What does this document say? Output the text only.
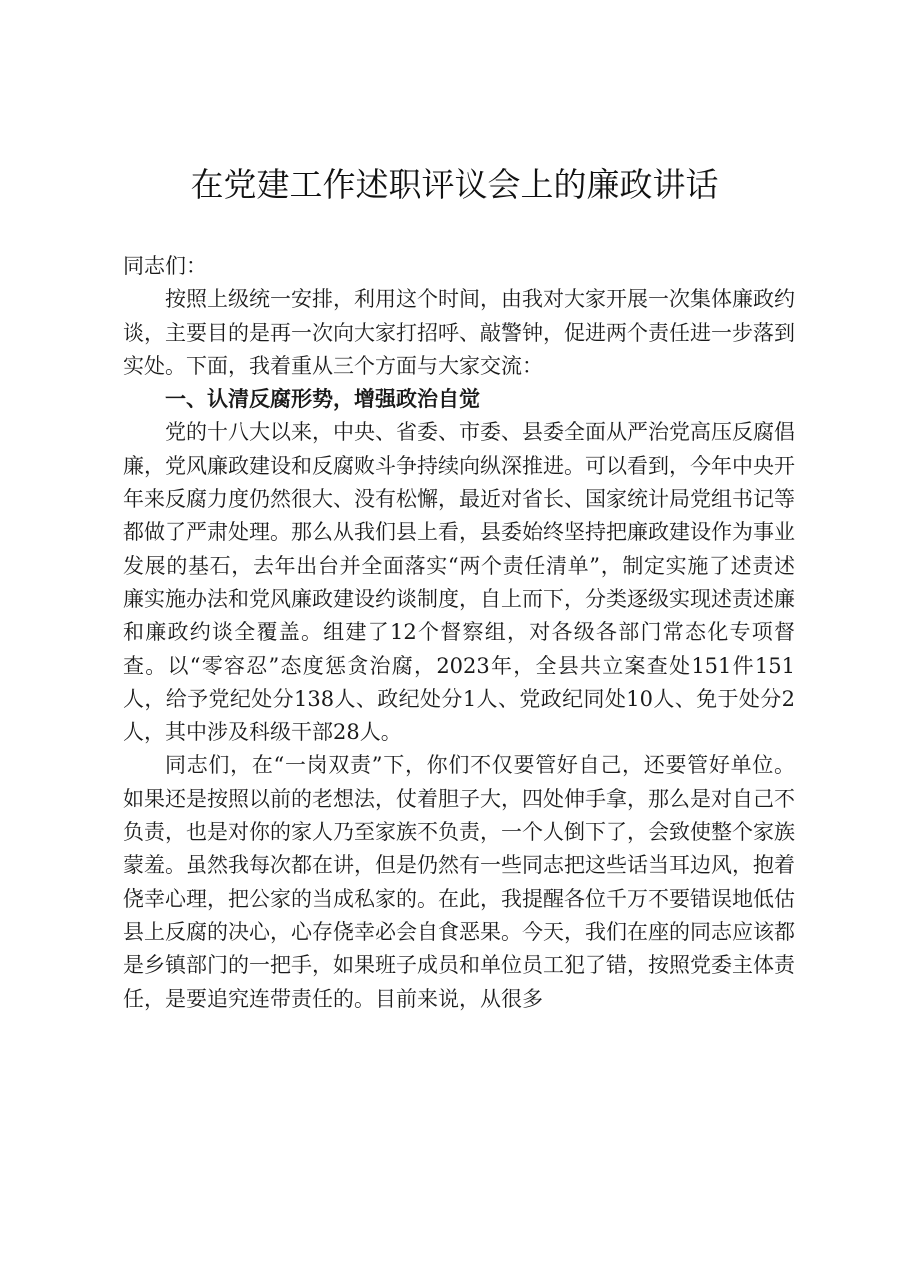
在党建工作述职评议会上的廉政讲话

同志们：

按照上级统一安排，利用这个时间，由我对大家开展一次集体廉政约谈，主要目的是再一次向大家打招呼、敲警钟，促进两个责任进一步落到实处。下面，我着重从三个方面与大家交流：

一、认清反腐形势，增强政治自觉

党的十八大以来，中央、省委、市委、县委全面从严治党高压反腐倡廉，党风廉政建设和反腐败斗争持续向纵深推进。可以看到，今年中央开年来反腐力度仍然很大、没有松懈，最近对省长、国家统计局党组书记等都做了严肃处理。那么从我们县上看，县委始终坚持把廉政建设作为事业发展的基石，去年出台并全面落实“两个责任清单”，制定实施了述责述廉实施办法和党风廉政建设约谈制度，自上而下，分类逐级实现述责述廉和廉政约谈全覆盖。组建了12个督察组，对各级各部门常态化专项督查。以“零容忍”态度惩贪治腐，2023年，全县共立案查处151件151人，给予党纪处分138人、政纪处分1人、党政纪同处10人、免于处分2人，其中涉及科级干部28人。

同志们，在“一岗双责”下，你们不仅要管好自己，还要管好单位。如果还是按照以前的老想法，仗着胆子大，四处伸手拿，那么是对自己不负责，也是对你的家人乃至家族不负责，一个人倒下了，会致使整个家族蒙羞。虽然我每次都在讲，但是仍然有一些同志把这些话当耳边风，抱着侥幸心理，把公家的当成私家的。在此，我提醒各位千万不要错误地低估县上反腐的决心，心存侥幸必会自食恶果。今天，我们在座的同志应该都是乡镇部门的一把手，如果班子成员和单位员工犯了错，按照党委主体责任，是要追究连带责任的。目前来说，从很多
